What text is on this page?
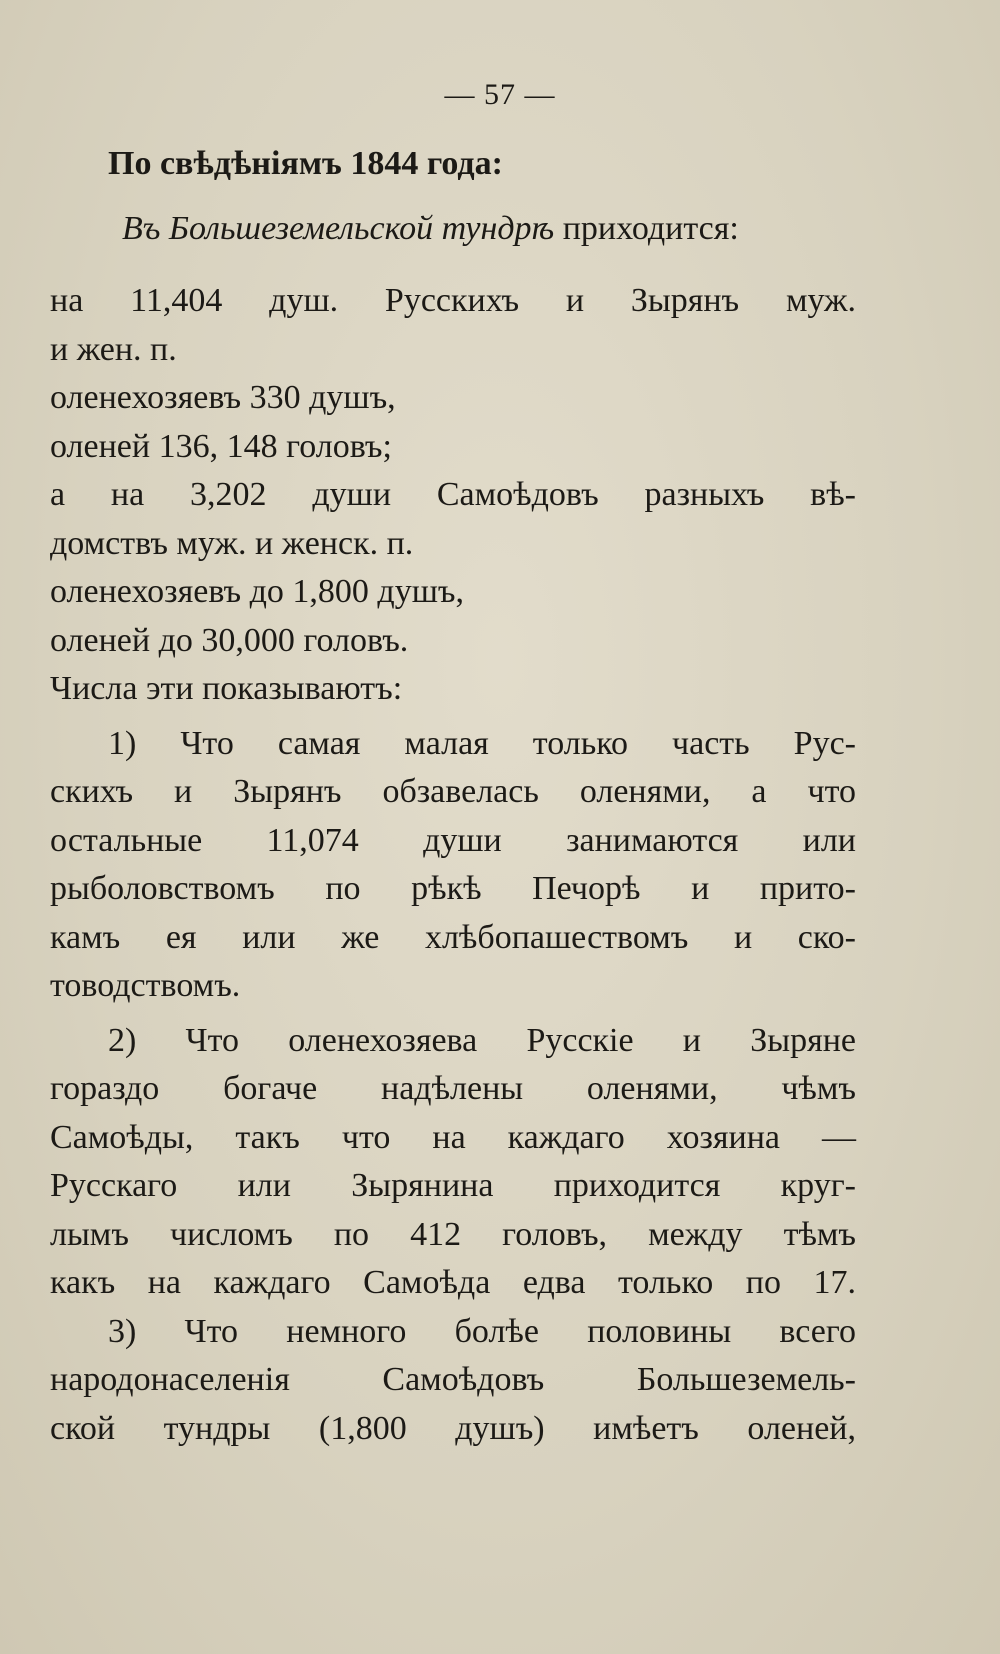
— 57 —
По свѣдѣніямъ 1844 года:
Въ Большеземельской тундрѣ приходится:
на 11,404 душ. Русскихъ и Зырянъ муж.
и жен. п.
оленехозяевъ 330 душъ,
оленей 136, 148 головъ;
а на 3,202 души Самоѣдовъ разныхъ вѣ-
домствъ муж. и женск. п.
оленехозяевъ до 1,800 душъ,
оленей до 30,000 головъ.
Числа эти показываютъ:
1) Что самая малая только часть Рус-
скихъ и Зырянъ обзавелась оленями, а что
остальные 11,074 души занимаются или
рыболовствомъ по рѣкѣ Печорѣ и прито-
камъ ея или же хлѣбопашествомъ и ско-
товодствомъ.
2) Что оленехозяева Русскіе и Зыряне
гораздо богаче надѣлены оленями, чѣмъ
Самоѣды, такъ что на каждаго хозяина —
Русскаго или Зырянина приходится круг-
лымъ числомъ по 412 головъ, между тѣмъ
какъ на каждаго Самоѣда едва только по 17.
3) Что немного болѣе половины всего
народонаселенія Самоѣдовъ Большеземель-
ской тундры (1,800 душъ) имѣетъ оленей,
